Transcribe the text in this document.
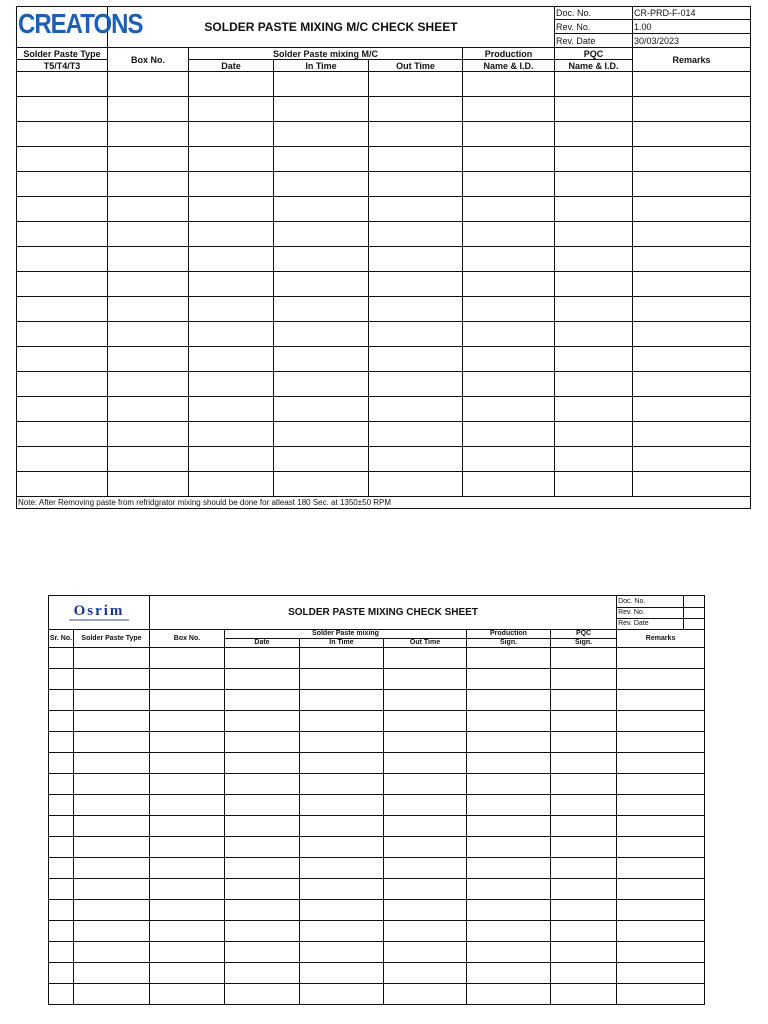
CREATONS	SOLDER PASTE MIXING M/C CHECK SHEET					Doc. No.	CR-PRD-F-014
						Rev. No.	1.00
						Rev. Date	30/03/2023
Solder Paste Type	Box No.	Solder Paste mixing M/C			Production	PQC	Remarks
T5/T4/T3		Date	In Time	Out Time	Name & I.D.	Name & I.D.	

Note: After Removing paste from refridgrator mixing should be done for atleast 180 Sec. at 1350±50 RPM							
Osrim		SOLDER PASTE MIXING CHECK SHEET						Doc. No.	
								Rev. No.	
								Rev. Date	
Sr. No.	Solder Paste Type	Box No.	Solder Paste mixing			Production	PQC	Remarks	
			Date	In Time	Out Time	Sign.	Sign.		
